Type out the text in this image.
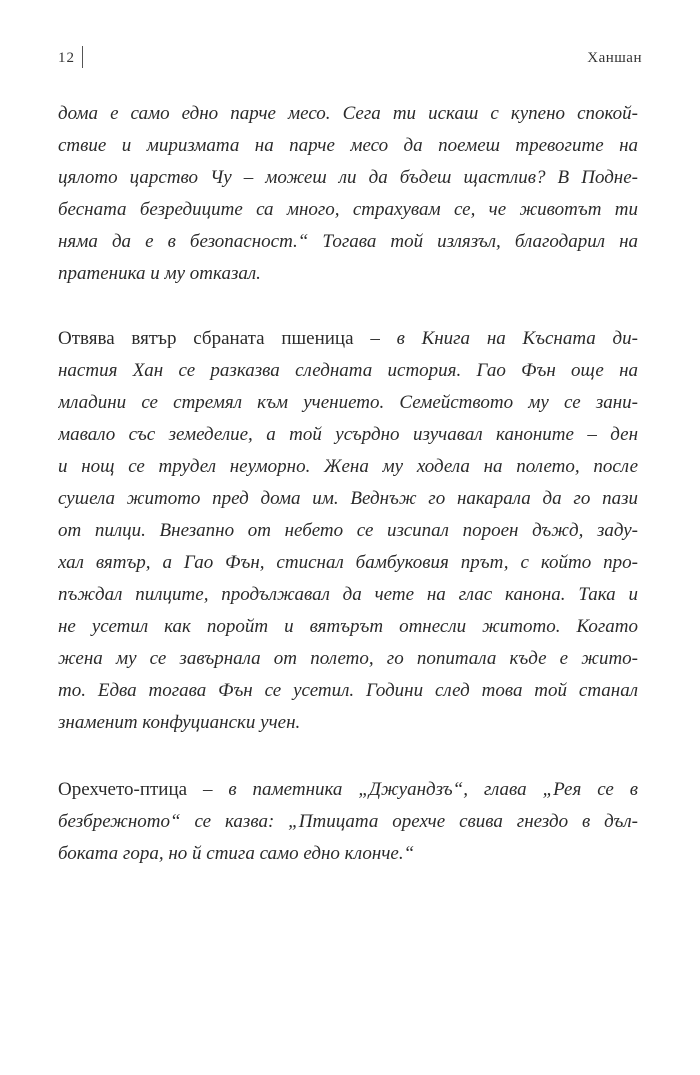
12	Ханшан
дома е само едно парче месо. Сега ти искаш с купено спокой-
ствие и миризмата на парче месо да поемеш тревогите на
цялото царство Чу – можеш ли да бъдеш щастлив? В Подне-
бесната безредиците са много, страхувам се, че животът ти
няма да е в безопасност.“ Тогава той излязъл, благодарил на
пратеника и му отказал.
Отвява вятър сбраната пшеница – в Книга на Късната ди-
настия Хан се разказва следната история. Гао Фън още на
младини се стремял към учението. Семейството му се зани-
мавало със земеделие, а той усърдно изучавал каноните – ден
и нощ се трудел неуморно. Жена му ходела на полето, после
сушела житото пред дома им. Веднъж го накарала да го пази
от пилци. Внезапно от небето се изсипал пороен дъжд, заду-
хал вятър, а Гао Фън, стиснал бамбуковия прът, с който про-
пъждал пилците, продължавал да чете на глас канона. Така и
не усетил как поройт и вятърът отнесли житото. Когато
жена му се завърнала от полето, го попитала къде е жито-
то. Едва тогава Фън се усетил. Години след това той станал
знаменит конфуциански учен.
Орехчето-птица – в паметника „Джуандзъ“, глава „Рея се в
безбрежното“ се казва: „Птицата орехче свива гнездо в дъл-
боката гора, но й стига само едно клонче.“
